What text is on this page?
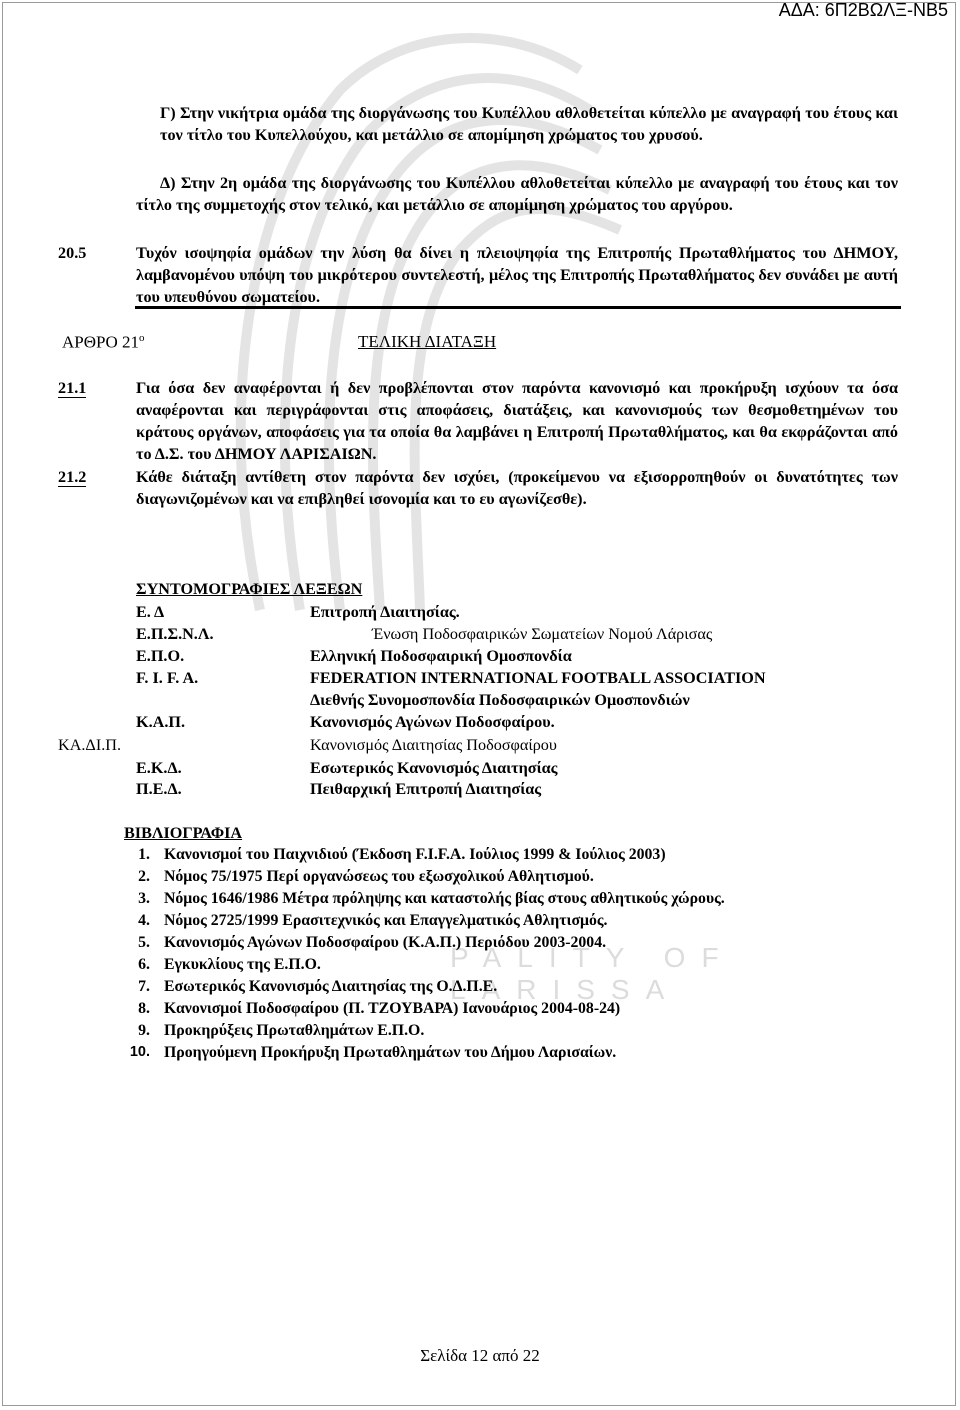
PALITY OF LARISSA
ΑΔΑ: 6Π2ΒΩΛΞ-ΝΒ5
Γ) Στην νικήτρια ομάδα της διοργάνωσης του Κυπέλλου αθλοθετείται κύπελλο με αναγραφή του έτους και τον τίτλο του Κυπελλούχου, και μετάλλιο σε απομίμηση χρώματος του χρυσού.
Δ) Στην 2η ομάδα της διοργάνωσης του Κυπέλλου αθλοθετείται κύπελλο με αναγραφή του έτους και τον τίτλο της συμμετοχής στον τελικό, και μετάλλιο σε απομίμηση χρώματος του αργύρου.
20.5	Τυχόν ισοψηφία ομάδων την λύση θα δίνει η πλειοψηφία της Επιτροπής Πρωταθλήματος του ΔΗΜΟΥ, λαμβανομένου υπόψη του μικρότερου συντελεστή, μέλος της Επιτροπής Πρωταθλήματος δεν συνάδει με αυτή του υπευθύνου σωματείου.
ΑΡΘΡΟ $21^o$	ΤΕΛΙΚΗ ΔΙΑΤΑΞΗ
21.1	Για όσα δεν αναφέρονται ή δεν προβλέπονται στον παρόντα κανονισμό και προκήρυξη ισχύουν τα όσα αναφέρονται και περιγράφονται στις αποφάσεις, διατάξεις, και κανονισμούς των θεσμοθετημένων του κράτους οργάνων, αποφάσεις για τα οποία θα λαμβάνει η Επιτροπή Πρωταθλήματος, και θα εκφράζονται από το Δ.Σ. του ΔΗΜΟΥ ΛΑΡΙΣΑΙΩΝ.
21.2	Κάθε διάταξη αντίθετη στον παρόντα δεν ισχύει, (προκείμενου να εξισορροπηθούν οι δυνατότητες των διαγωνιζομένων και να επιβληθεί ισονομία και το ευ αγωνίζεσθε).
ΣΥΝΤΟΜΟΓΡΑΦΙΕΣ ΛΕΞΕΩΝ
Ε. Δ	Επιτροπή Διαιτησίας.
Ε.Π.Σ.Ν.Λ.	Ένωση Ποδοσφαιρικών Σωματείων Νομού Λάρισας
Ε.Π.Ο.	Ελληνική Ποδοσφαιρική Ομοσπονδία
F. I. F. A.	FEDERATION INTERNATIONAL FOOTBALL ASSOCIATION
Διεθνής Συνομοσπονδία Ποδοσφαιρικών Ομοσπονδιών
Κ.Α.Π.	Κανονισμός Αγώνων Ποδοσφαίρου.
ΚΑ.ΔΙ.Π.	Κανονισμός Διαιτησίας Ποδοσφαίρου
Ε.Κ.Δ.	Εσωτερικός Κανονισμός Διαιτησίας
Π.Ε.Δ.	Πειθαρχική Επιτροπή Διαιτησίας
ΒΙΒΛΙΟΓΡΑΦΙΑ
1. Κανονισμοί του Παιχνιδιού (Έκδοση F.I.F.A. Ιούλιος 1999 & Ιούλιος 2003)
2. Νόμος 75/1975 Περί οργανώσεως του εξωσχολικού Αθλητισμού.
3. Νόμος 1646/1986 Μέτρα πρόληψης και καταστολής βίας στους αθλητικούς χώρους.
4. Νόμος 2725/1999 Ερασιτεχνικός και Επαγγελματικός Αθλητισμός.
5. Κανονισμός Αγώνων Ποδοσφαίρου (Κ.Α.Π.) Περιόδου 2003-2004.
6. Εγκυκλίους της Ε.Π.Ο.
7. Εσωτερικός Κανονισμός Διαιτησίας της Ο.Δ.Π.Ε.
8. Κανονισμοί Ποδοσφαίρου (Π. ΤΖΟΥΒΑΡΑ) Ιανουάριος 2004-08-24)
9. Προκηρύξεις Πρωταθλημάτων Ε.Π.Ο.
10. Προηγούμενη Προκήρυξη Πρωταθλημάτων του Δήμου Λαρισαίων.
Σελίδα 12 από 22
